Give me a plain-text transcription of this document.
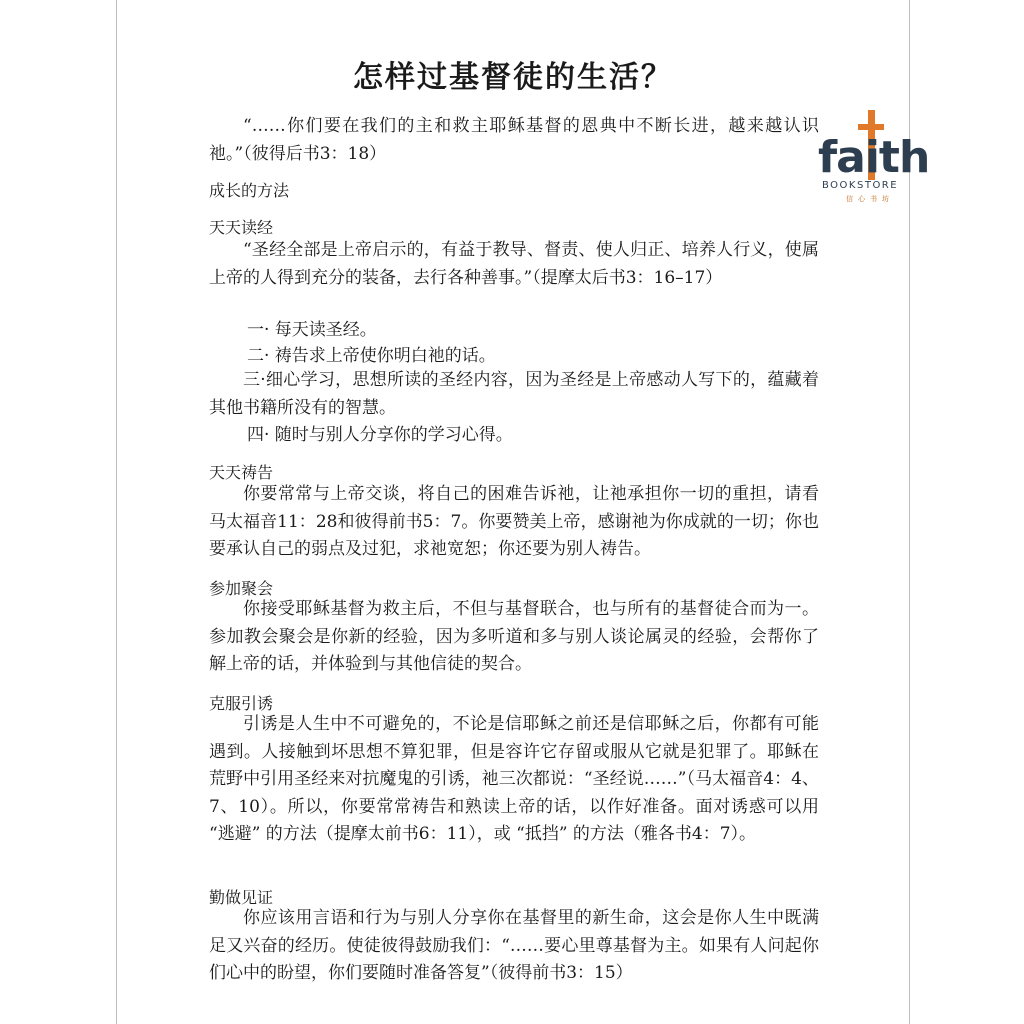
怎样过基督徒的生活？

“……你们要在我们的主和救主耶稣基督的恩典中不断长进，越来越认识祂。”（彼得后书3：18）

成长的方法
天天读经

“圣经全部是上帝启示的，有益于教导、督责、使人归正、培养人行义，使属上帝的人得到充分的装备，去行各种善事。”（提摩太后书3：16–17）

一· 每天读圣经。

二· 祷告求上帝使你明白祂的话。

三·细心学习，思想所读的圣经内容，因为圣经是上帝感动人写下的，蕴藏着其他书籍所没有的智慧。

四· 随时与别人分享你的学习心得。

天天祷告

你要常常与上帝交谈，将自己的困难告诉祂，让祂承担你一切的重担，请看马太福音11：28和彼得前书5：7。你要赞美上帝，感谢祂为你成就的一切；你也要承认自己的弱点及过犯，求祂宽恕；你还要为别人祷告。

参加聚会

你接受耶稣基督为救主后，不但与基督联合，也与所有的基督徒合而为一。参加教会聚会是你新的经验，因为多听道和多与别人谈论属灵的经验，会帮你了解上帝的话，并体验到与其他信徒的契合。

克服引诱

引诱是人生中不可避免的，不论是信耶稣之前还是信耶稣之后，你都有可能遇到。人接触到坏思想不算犯罪，但是容许它存留或服从它就是犯罪了。耶稣在荒野中引用圣经来对抗魔鬼的引诱，祂三次都说：“圣经说……”（马太福音4：4、7、10）。所以，你要常常祷告和熟读上帝的话，以作好准备。面对诱惑可以用 “逃避” 的方法（提摩太前书6：11），或 “抵挡” 的方法（雅各书4：7）。

勤做见证

你应该用言语和行为与别人分享你在基督里的新生命，这会是你人生中既满足又兴奋的经历。使徒彼得鼓励我们：“……要心里尊基督为主。如果有人问起你们心中的盼望，你们要随时准备答复”（彼得前书3：15）

faith
BOOKSTORE
信心书坊
